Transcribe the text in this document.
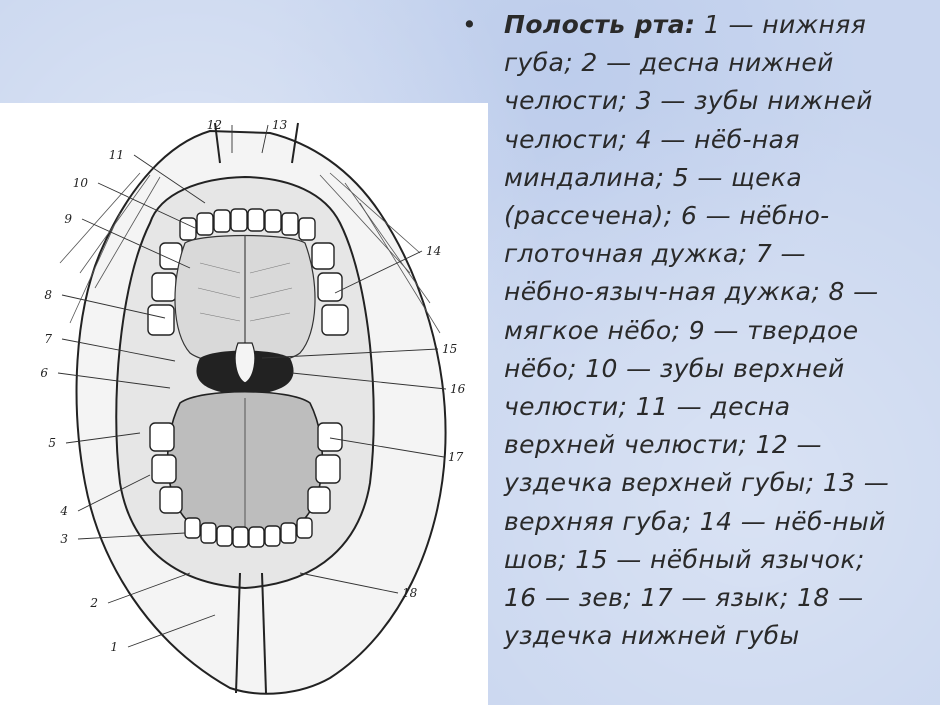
1
2
3
4
5
6
7
8
9
10
11
12	13
14
15
16
17
18
• Полость рта: 1 — нижняя
губа; 2 — десна нижней
челюсти; 3 — зубы нижней
челюсти; 4 — нёб-ная
миндалина; 5 — щека
(рассечена); 6 — нёбно-
глоточная дужка; 7 —
нёбно-языч-ная дужка; 8 —
мягкое нёбо; 9 — твердое
нёбо; 10 — зубы верхней
челюсти; 11 — десна
верхней челюсти; 12 —
уздечка верхней губы; 13 —
верхняя губа; 14 — нёб-ный
шов; 15 — нёбный язычок;
16 — зев; 17 — язык; 18 —
уздечка нижней губы
